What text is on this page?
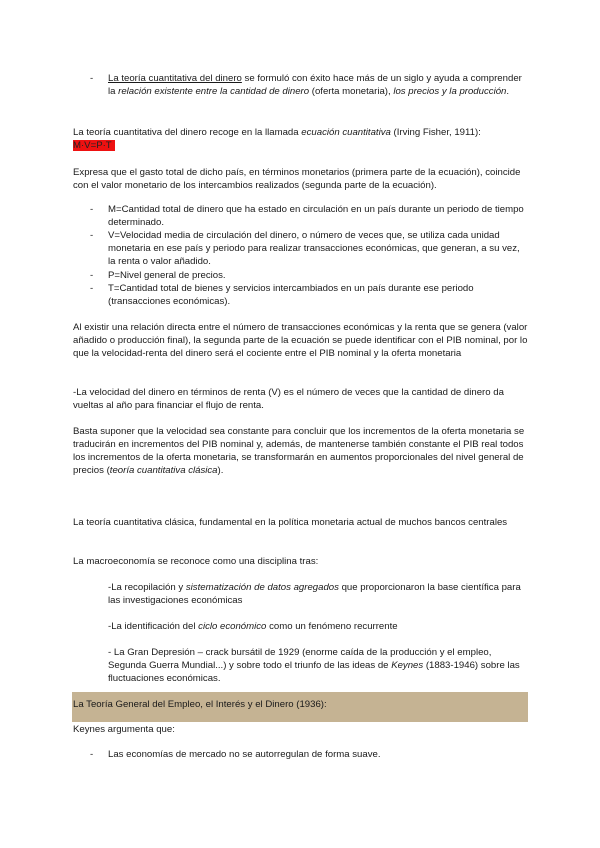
-	La teoría cuantitativa del dinero se formuló con éxito hace más de un siglo y ayuda a comprender la relación existente entre la cantidad de dinero (oferta monetaria), los precios y la producción.
La teoría cuantitativa del dinero recoge en la llamada ecuación cuantitativa (Irving Fisher, 1911):
M·V=P·T
Expresa que el gasto total de dicho país, en términos monetarios (primera parte de la ecuación), coincide con el valor monetario de los intercambios realizados (segunda parte de la ecuación).
-	M=Cantidad total de dinero que ha estado en circulación en un país durante un periodo de tiempo determinado.
-	V=Velocidad media de circulación del dinero, o número de veces que, se utiliza cada unidad monetaria en ese país y periodo para realizar transacciones económicas, que generan, a su vez, la renta o valor añadido.
-	P=Nivel general de precios.
-	T=Cantidad total de bienes y servicios intercambiados en un país durante ese periodo (transacciones económicas).
Al existir una relación directa entre el número de transacciones económicas y la renta que se genera (valor añadido o producción final), la segunda parte de la ecuación se puede identificar con el PIB nominal, por lo que la velocidad-renta del dinero será el cociente entre el PIB nominal y la oferta monetaria
-La velocidad del dinero en términos de renta (V) es el número de veces que la cantidad de dinero da vueltas al año para financiar el flujo de renta.
Basta suponer que la velocidad sea constante para concluir que los incrementos de la oferta monetaria se traducirán en incrementos del PIB nominal y, además, de mantenerse también constante el PIB real todos los incrementos de la oferta monetaria, se transformarán en aumentos proporcionales del nivel general de precios (teoría cuantitativa clásica).
La teoría cuantitativa clásica, fundamental en la política monetaria actual de muchos bancos centrales
La macroeconomía se reconoce como una disciplina tras:
-La recopilación y sistematización de datos agregados que proporcionaron la base científica para las investigaciones económicas
-La identificación del ciclo económico como un fenómeno recurrente
- La Gran Depresión – crack bursátil de 1929 (enorme caída de la producción y el empleo, Segunda Guerra Mundial...) y sobre todo el triunfo de las ideas de Keynes (1883-1946) sobre las fluctuaciones económicas.
La Teoría General del Empleo, el Interés y el Dinero (1936):
Keynes argumenta que:
-	Las economías de mercado no se autorregulan de forma suave.
